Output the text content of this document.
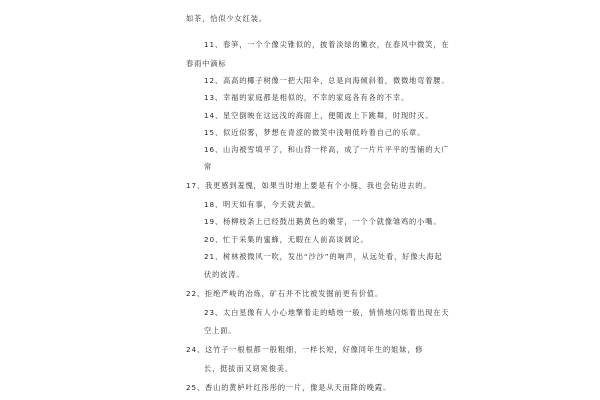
如茶，恰似少女红装。
11、春笋，一个个像尖锥似的，披着淡绿的嫩衣，在春风中微笑，在
春雨中滴标
12、高高的椰子树像一把大阳伞，总是向海倾斜着，微微地弯着腰。
13、幸福的家庭都是相似的，不幸的家庭各有各的不幸。
14、星空倒映在这远浅的海面上，便随波上下跳舞，时现时灭。
15、似近似雾，梦想在青涩的微笑中浅唱低吟着自己的乐章。
16、山沟被雪填平了，和山背一样高，成了一片片平平的雪铺的大广
常
17、我更感到羞愧，如果当时地上要是有个小缝，我也会钻进去的。
18、明天如有事，今天就去做。
19、杨柳枝条上已经鼓出鹅黄色的嫩芽，一个个就像雏鸡的小嘴。
20、忙于采集的蜜蜂，无暇在人前高谈阔论。
21、树林被微风一吹，发出“沙沙”的响声，从远处看，好像大海起
伏的波涛。
22、拒绝严峻的冶炼，矿石并不比被发掘前更有价值。
23、太白星像有人小心地擎着走的蜡烛一般，悄悄地闪烁着出现在天
空上面。
24、这竹子一根根都一般粗细，一样长短，好像同年生的姐妹，修
长，挺拔而又窈窕俊美。
25、香山的黄栌叶红彤彤的一片，像是从天而降的晚霞。
